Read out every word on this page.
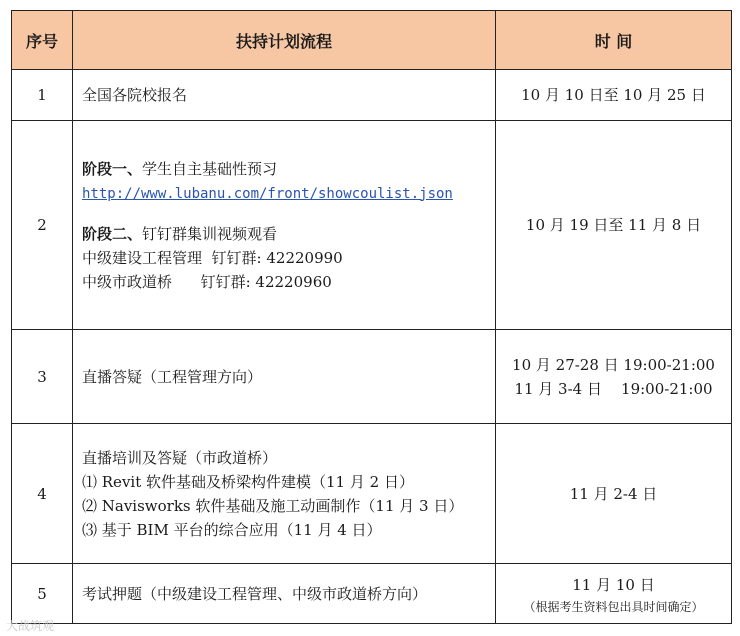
序号	扶持计划流程	时 间
1	全国各院校报名	10 月 10 日至 10 月 25 日
2	阶段一、学生自主基础性预习
http://www.lubanu.com/front/showcoulist.json
阶段二、钉钉群集训视频观看
中级建设工程管理  钉钉群: 42220990
中级市政道桥      钉钉群: 42220960	10 月 19 日至 11 月 8 日
3	直播答疑（工程管理方向）	10 月 27-28 日 19:00-21:00
11 月 3-4 日    19:00-21:00

4	直播培训及答疑（市政道桥）
⑴ Revit 软件基础及桥梁构件建模（11 月 2 日）
⑵ Navisworks 软件基础及施工动画制作（11 月 3 日）
⑶ 基于 BIM 平台的综合应用（11 月 4 日）	11 月 2-4 日
5	考试押题（中级建设工程管理、中级市政道桥方向）	11 月 10 日
（根据考生资料包出具时间确定）
大战筑观
